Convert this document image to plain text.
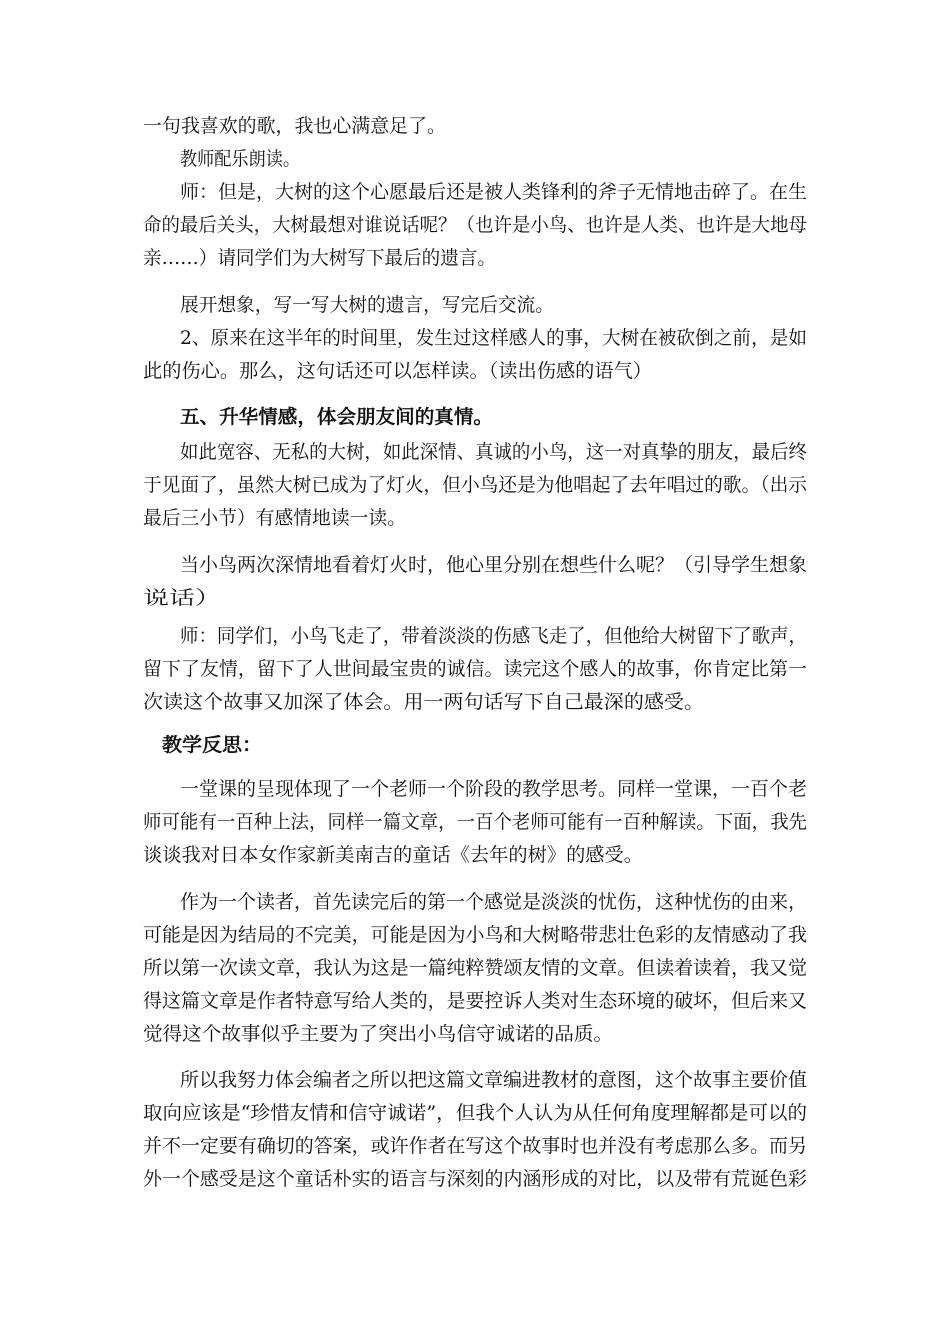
一句我喜欢的歌，我也心满意足了。
教师配乐朗读。
师：但是，大树的这个心愿最后还是被人类锋利的斧子无情地击碎了。在生
命的最后关头，大树最想对谁说话呢？（也许是小鸟、也许是人类、也许是大地母
亲……）请同学们为大树写下最后的遗言。
展开想象，写一写大树的遗言，写完后交流。
2、原来在这半年的时间里，发生过这样感人的事，大树在被砍倒之前，是如
此的伤心。那么，这句话还可以怎样读。（读出伤感的语气）
五、升华情感，体会朋友间的真情。
如此宽容、无私的大树，如此深情、真诚的小鸟，这一对真挚的朋友，最后终
于见面了，虽然大树已成为了灯火，但小鸟还是为他唱起了去年唱过的歌。（出示
最后三小节）有感情地读一读。
当小鸟两次深情地看着灯火时，他心里分别在想些什么呢？（引导学生想象
说话）
师：同学们，小鸟飞走了，带着淡淡的伤感飞走了，但他给大树留下了歌声，
留下了友情，留下了人世间最宝贵的诚信。读完这个感人的故事，你肯定比第一
次读这个故事又加深了体会。用一两句话写下自己最深的感受。
教学反思：
一堂课的呈现体现了一个老师一个阶段的教学思考。同样一堂课，一百个老
师可能有一百种上法，同样一篇文章，一百个老师可能有一百种解读。下面，我先
谈谈我对日本女作家新美南吉的童话《去年的树》的感受。
作为一个读者，首先读完后的第一个感觉是淡淡的忧伤，这种忧伤的由来，
可能是因为结局的不完美，可能是因为小鸟和大树略带悲壮色彩的友情感动了我
所以第一次读文章，我认为这是一篇纯粹赞颂友情的文章。但读着读着，我又觉
得这篇文章是作者特意写给人类的，是要控诉人类对生态环境的破坏，但后来又
觉得这个故事似乎主要为了突出小鸟信守诚诺的品质。
所以我努力体会编者之所以把这篇文章编进教材的意图，这个故事主要价值
取向应该是“珍惜友情和信守诚诺”，但我个人认为从任何角度理解都是可以的
并不一定要有确切的答案，或许作者在写这个故事时也并没有考虑那么多。而另
外一个感受是这个童话朴实的语言与深刻的内涵形成的对比，以及带有荒诞色彩
